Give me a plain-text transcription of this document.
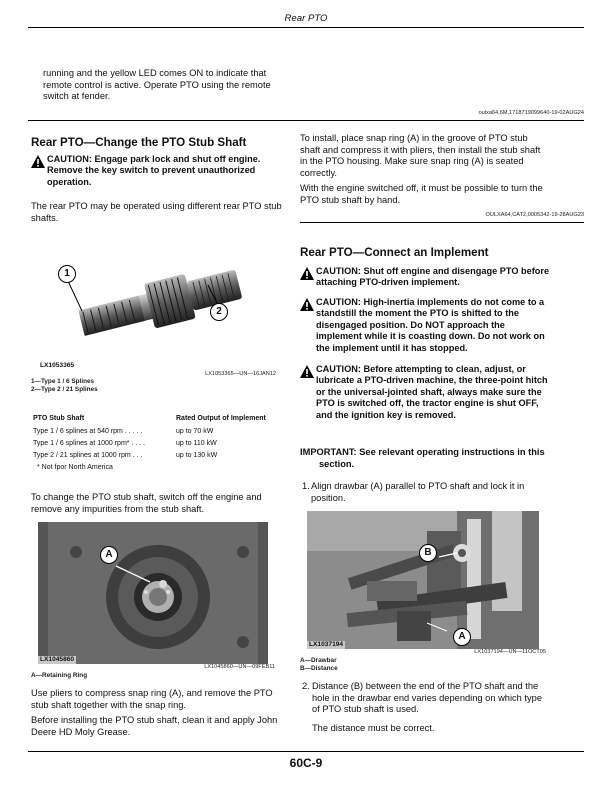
Rear PTO
running and the yellow LED comes ON to indicate that remote control is active. Operate PTO using the remote switch at fender.
oulxa64,6M,1718719099640-19-02AUG24
Rear PTO—Change the PTO Stub Shaft
CAUTION: Engage park lock and shut off engine. Remove the key switch to prevent unauthorized operation.
The rear PTO may be operated using different rear PTO stub shafts.
1
2
LX1053365
LX1053365—UN—16JAN12
1—Type 1 / 6 Splines
2—Type 2 / 21 Splines
PTO Stub Shaft	Rated Output of Implement
Type 1 / 6 splines at 540 rpm . . . . .	up to 70 kW
Type 1 / 6 splines at 1000 rpm* . . . .	up to 110 kW
Type 2 / 21 splines at 1000 rpm . . .	up to 130 kW
* Not fpor North America	
To change the PTO stub shaft, switch off the engine and remove any impurities from the stub shaft.
A
LX1045860
LX1045860—UN—09FEB11
A—Retaining Ring
Use pliers to compress snap ring (A), and remove the PTO stub shaft together with the snap ring.
Before installing the PTO stub shaft, clean it and apply John Deere HD Moly Grease.
To install, place snap ring (A) in the groove of PTO stub shaft and compress it with pliers, then install the stub shaft in the PTO housing. Make sure snap ring (A) is seated correctly.
With the engine switched off, it must be possible to turn the PTO stub shaft by hand.
OULXA64,CAT2,0005342-19-28AUG23
Rear PTO—Connect an Implement
CAUTION: Shut off engine and disengage PTO before attaching PTO-driven implement.
CAUTION: High-inertia implements do not come to a standstill the moment the PTO is shifted to the disengaged position. Do NOT approach the implement while it is coasting down. Do not work on the implement until it has stopped.
CAUTION: Before attempting to clean, adjust, or lubricate a PTO-driven machine, the three-point hitch or the universal-jointed shaft, always make sure the PTO is switched off, the tractor engine is shut OFF, and the ignition key is removed.
IMPORTANT: See relevant operating instructions in this section.
1. Align drawbar (A) parallel to PTO shaft and lock it in position.
B
A
LX1037194
LX1037194—UN—11OCT05
A—Drawbar
B—Distance
2. Distance (B) between the end of the PTO shaft and the hole in the drawbar end varies depending on which type of PTO stub shaft is used.
The distance must be correct.
60C-9
